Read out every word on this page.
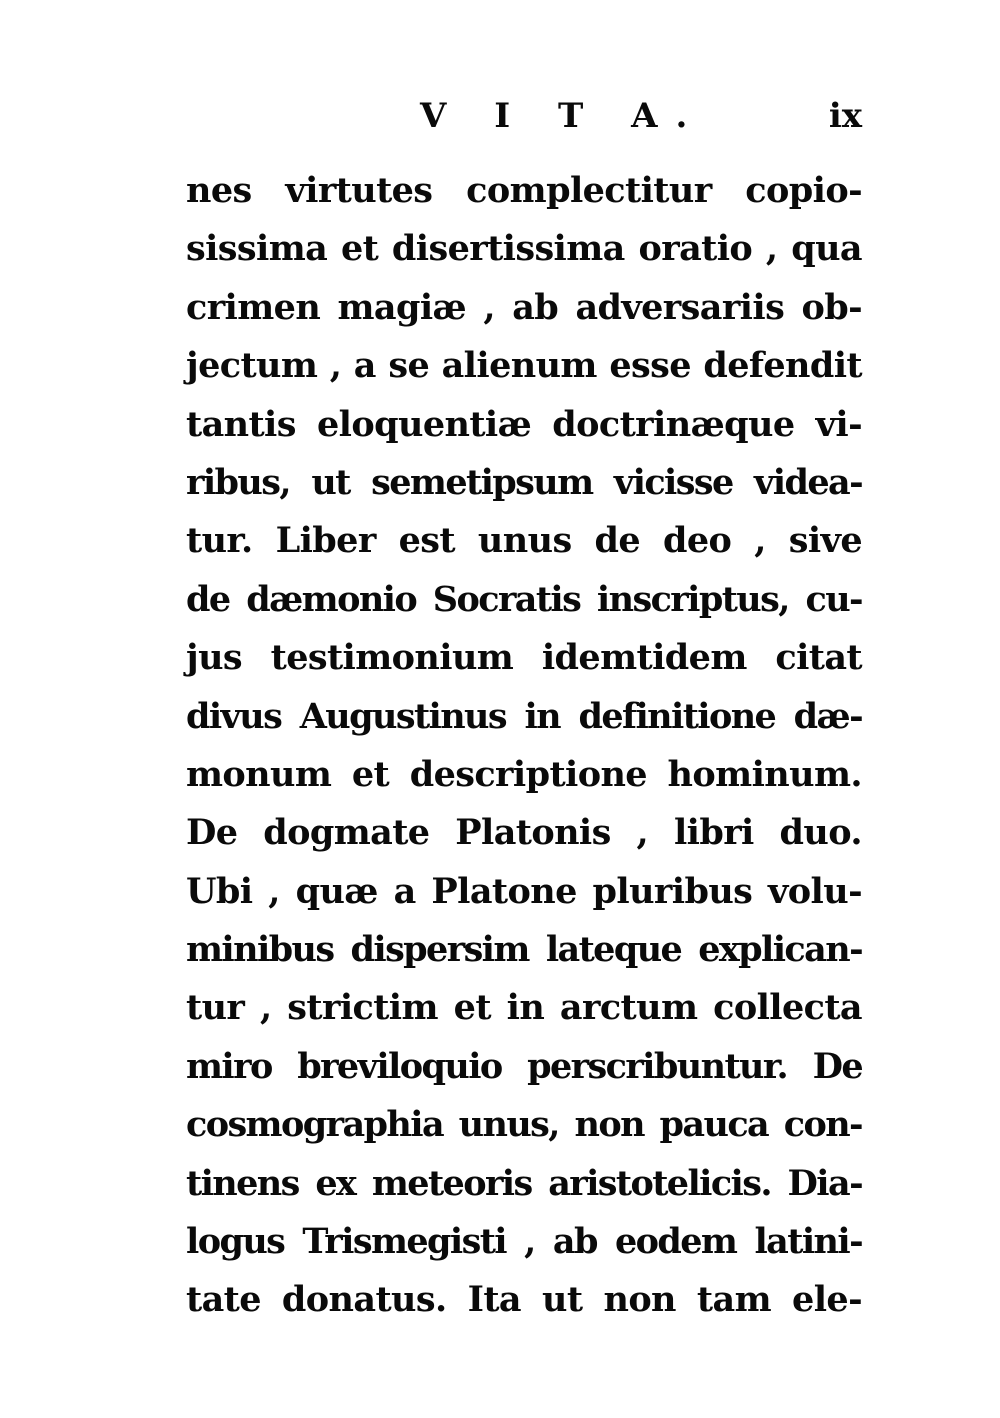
V I T A.	ix
nes virtutes complectitur copio-
sissima et disertissima oratio , qua
crimen magiæ , ab adversariis ob-
jectum , a se alienum esse defendit
tantis eloquentiæ doctrinæque vi-
ribus, ut semetipsum vicisse videa-
tur. Liber est unus de deo , sive
de dæmonio Socratis inscriptus, cu-
jus testimonium idemtidem citat
divus Augustinus in definitione dæ-
monum et descriptione hominum.
De dogmate Platonis , libri duo.
Ubi , quæ a Platone pluribus volu-
minibus dispersim lateque explican-
tur , strictim et in arctum collecta
miro breviloquio perscribuntur. De
cosmographia unus, non pauca con-
tinens ex meteoris aristotelicis. Dia-
logus Trismegisti , ab eodem latini-
tate donatus. Ita ut non tam ele-
